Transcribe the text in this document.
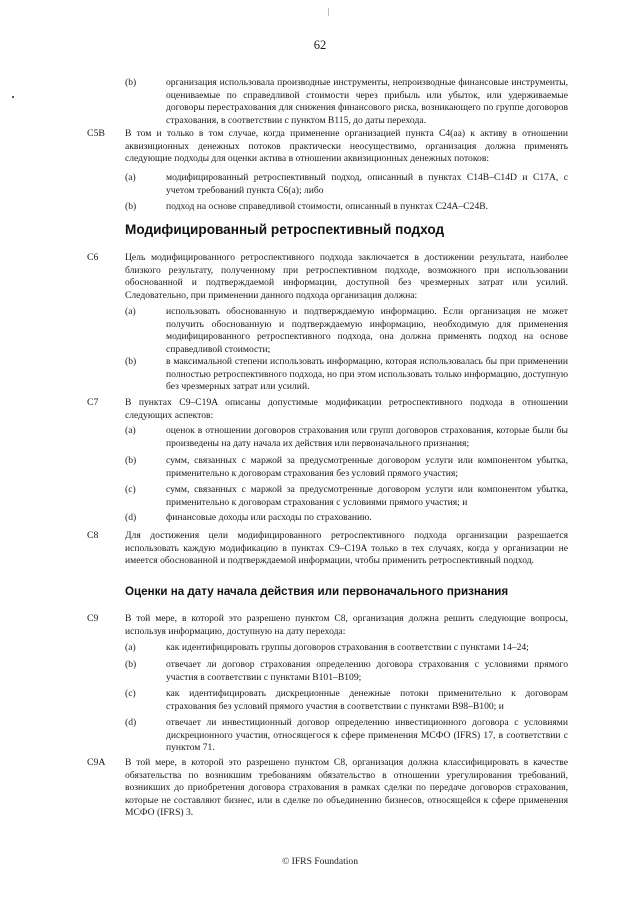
62
(b)	организация использовала производные инструменты, непроизводные финансовые инструменты, оцениваемые по справедливой стоимости через прибыль или убыток, или удерживаемые договоры перестрахования для снижения финансового риска, возникающего по группе договоров страхования, в соответствии с пунктом B115, до даты перехода.

C5B В том и только в том случае, когда применение организацией пункта C4(aa) к активу в отношении аквизиционных денежных потоков практически неосуществимо, организация должна применять следующие подходы для оценки актива в отношении аквизиционных денежных потоков:

(a)	модифицированный ретроспективный подход, описанный в пунктах C14B–C14D и C17A, с учетом требований пункта C6(a); либо

(b)	подход на основе справедливой стоимости, описанный в пунктах C24A–C24B.

Модифицированный ретроспективный подход
C6	Цель модифицированного ретроспективного подхода заключается в достижении результата, наиболее близкого результату, полученному при ретроспективном подходе, возможного при использовании обоснованной и подтверждаемой информации, доступной без чрезмерных затрат или усилий. Следовательно, при применении данного подхода организация должна:

(a)	использовать обоснованную и подтверждаемую информацию. Если организация не может получить обоснованную и подтверждаемую информацию, необходимую для применения модифицированного ретроспективного подхода, она должна применять подход на основе справедливой стоимости;

(b)	в максимальной степени использовать информацию, которая использовалась бы при применении полностью ретроспективного подхода, но при этом использовать только информацию, доступную без чрезмерных затрат или усилий.

C7	В пунктах C9–C19A описаны допустимые модификации ретроспективного подхода в отношении следующих аспектов:

(a)	оценок в отношении договоров страхования или групп договоров страхования, которые были бы произведены на дату начала их действия или первоначального признания;

(b)	сумм, связанных с маржой за предусмотренные договором услуги или компонентом убытка, применительно к договорам страхования без условий прямого участия;

(c)	сумм, связанных с маржой за предусмотренные договором услуги или компонентом убытка, применительно к договорам страхования с условиями прямого участия; и

(d)	финансовые доходы или расходы по страхованию.

C8	Для достижения цели модифицированного ретроспективного подхода организации разрешается использовать каждую модификацию в пунктах C9–C19A только в тех случаях, когда у организации не имеется обоснованной и подтверждаемой информации, чтобы применить ретроспективный подход.

Оценки на дату начала действия или первоначального признания
C9	В той мере, в которой это разрешено пунктом C8, организация должна решить следующие вопросы, используя информацию, доступную на дату перехода:

(a)	как идентифицировать группы договоров страхования в соответствии с пунктами 14–24;

(b)	отвечает ли договор страхования определению договора страхования с условиями прямого участия в соответствии с пунктами B101–B109;

(c)	как идентифицировать дискреционные денежные потоки применительно к договорам страхования без условий прямого участия в соответствии с пунктами B98–B100; и

(d)	отвечает ли инвестиционный договор определению инвестиционного договора с условиями дискреционного участия, относящегося к сфере применения МСФО (IFRS) 17, в соответствии с пунктом 71.

C9A В той мере, в которой это разрешено пунктом C8, организация должна классифицировать в качестве обязательства по возникшим требованиям обязательство в отношении урегулирования требований, возникших до приобретения договора страхования в рамках сделки по передаче договоров страхования, которые не составляют бизнес, или в сделке по объединению бизнесов, относящейся к сфере применения МСФО (IFRS) 3.

© IFRS Foundation
